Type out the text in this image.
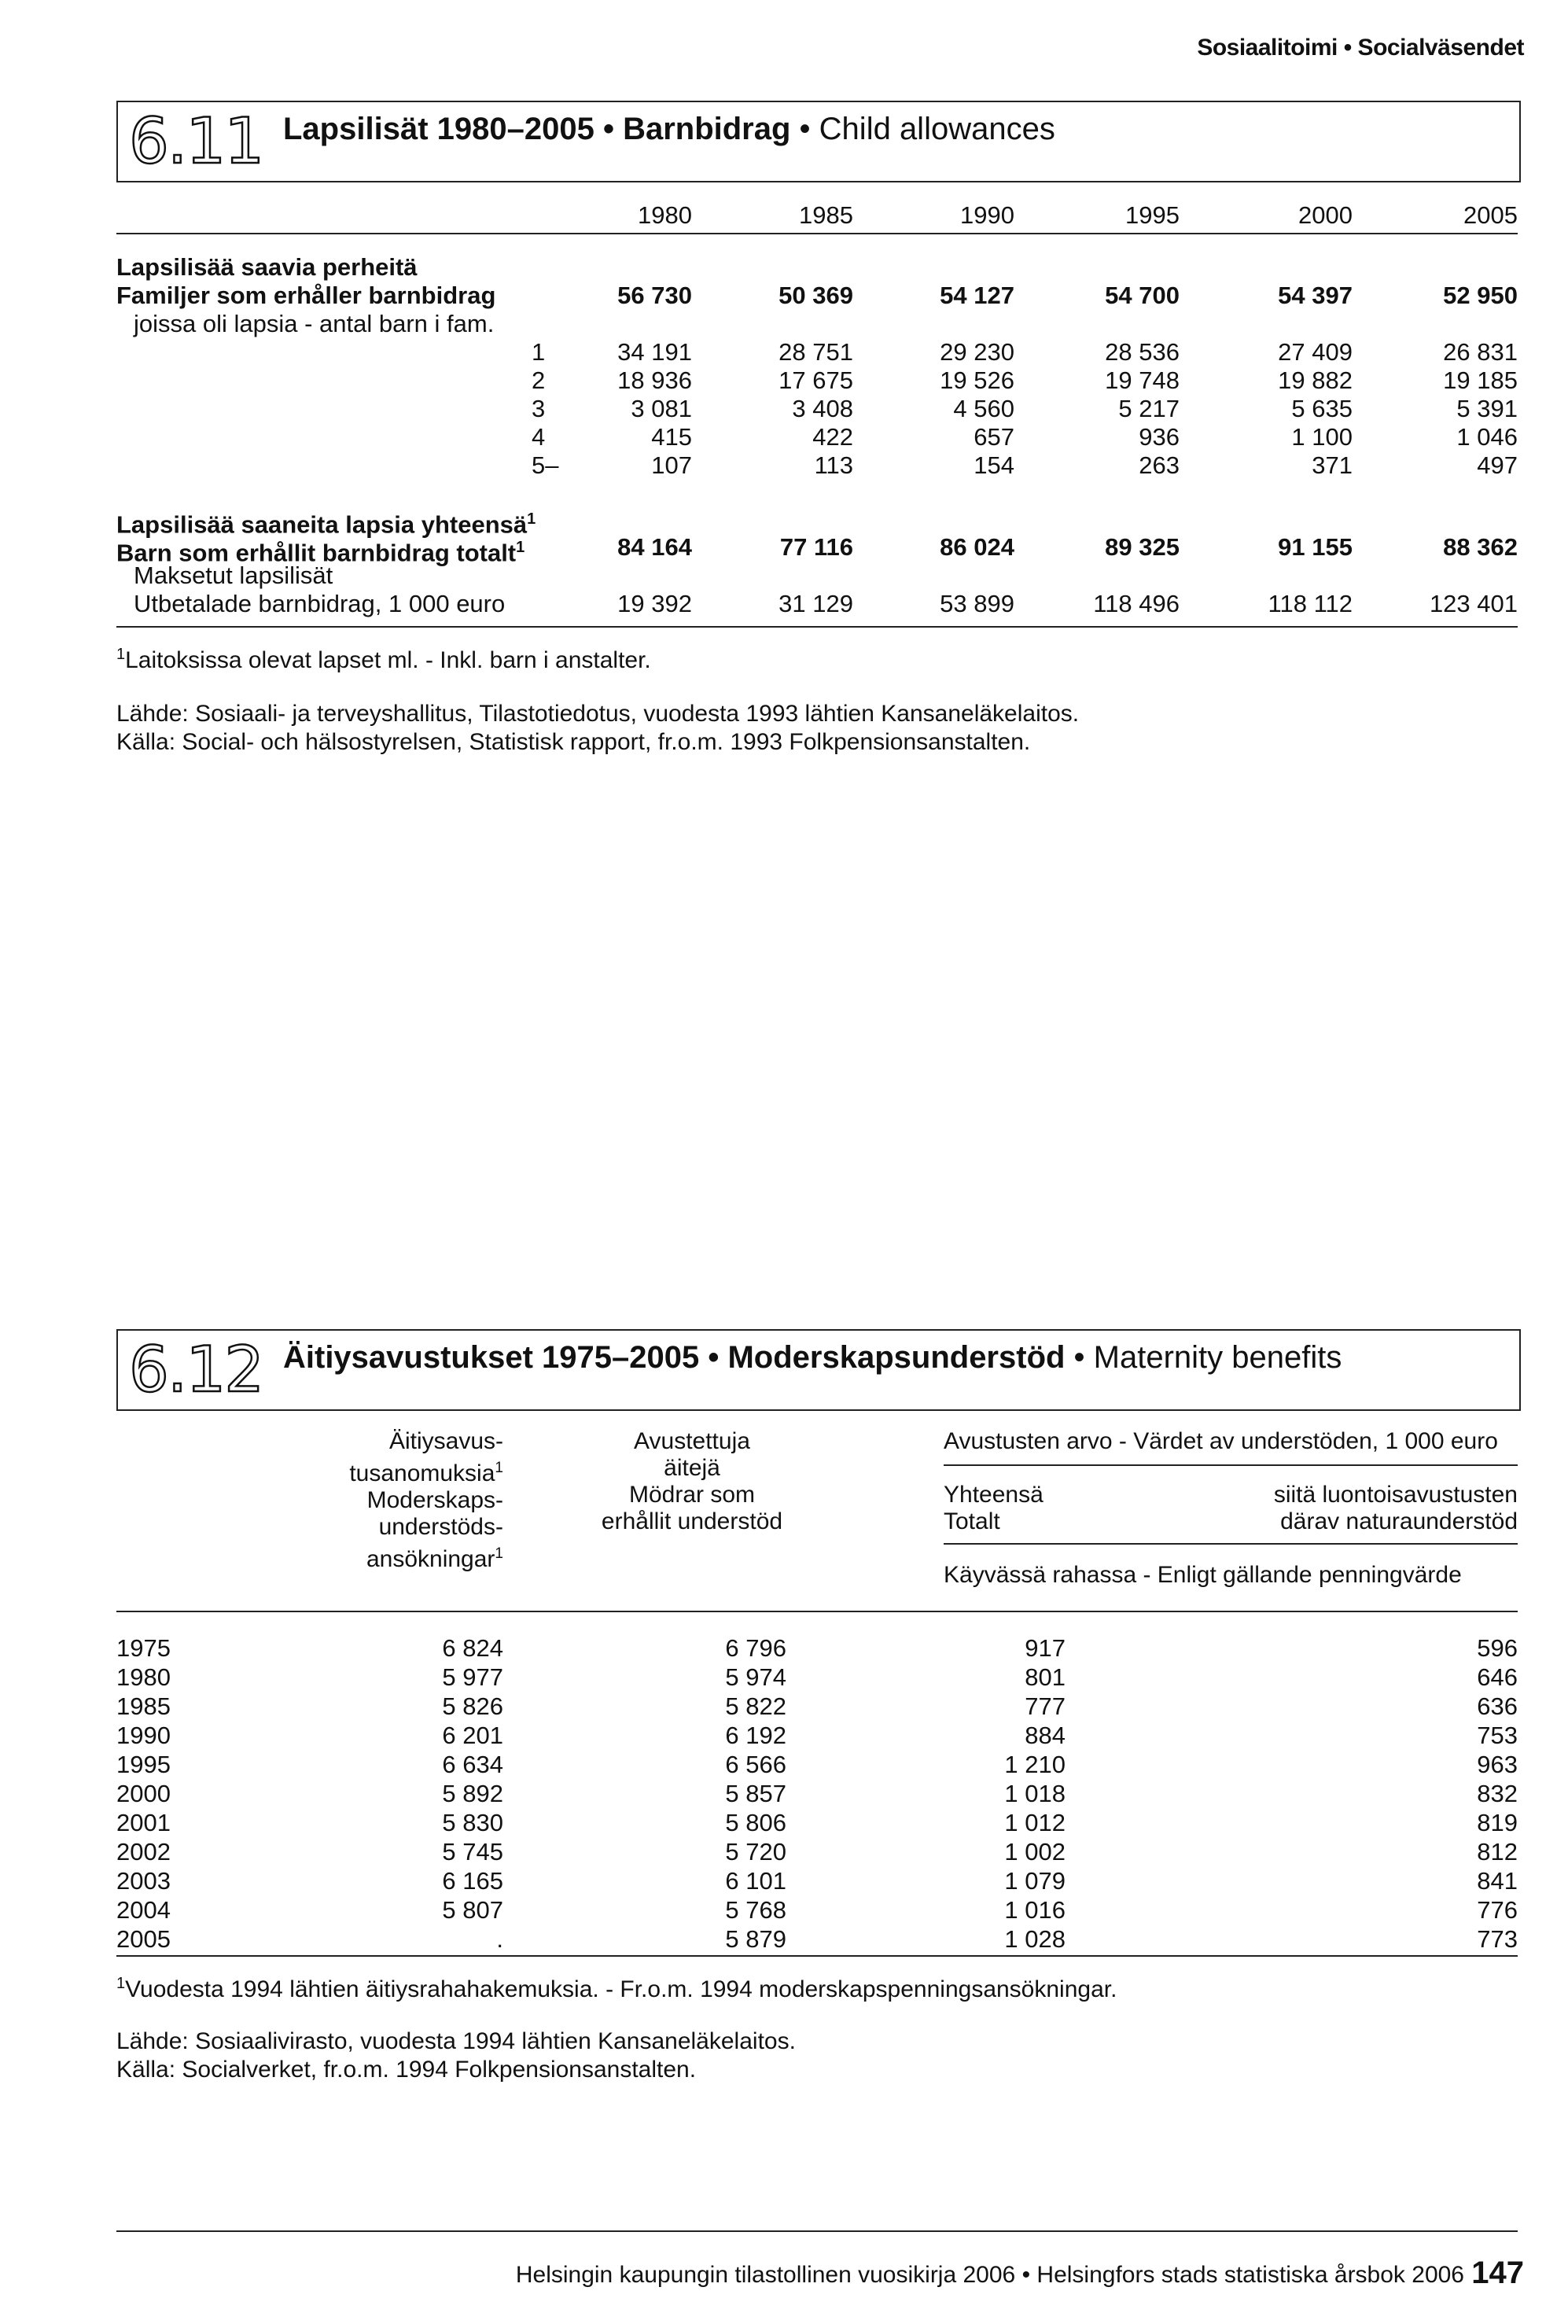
Sosiaalitoimi • Socialväsendet
6.11 Lapsilisät 1980–2005 • Barnbidrag • Child allowances
1980	1985	1990	1995	2000	2005
Lapsilisää saavia perheitä
Familjer som erhåller barnbidrag	56 730	50 369	54 127	54 700	54 397	52 950
joissa oli lapsia - antal barn i fam.
1	34 191	28 751	29 230	28 536	27 409	26 831
2	18 936	17 675	19 526	19 748	19 882	19 185
3	3 081	3 408	4 560	5 217	5 635	5 391
4	415	422	657	936	1 100	1 046
5–	107	113	154	263	371	497
Lapsilisää saaneita lapsia yhteensä$^1$
Barn som erhållit barnbidrag totalt$^1$	84 164	77 116	86 024	89 325	91 155	88 362
Maksetut lapsilisät
Utbetalade barnbidrag, 1 000 euro	19 392	31 129	53 899	118 496	118 112	123 401
$^1$Laitoksissa olevat lapset ml. - Inkl. barn i anstalter.
Lähde: Sosiaali- ja terveyshallitus, Tilastotiedotus, vuodesta 1993 lähtien Kansaneläkelaitos.
Källa: Social- och hälsostyrelsen, Statistisk rapport, fr.o.m. 1993 Folkpensionsanstalten.
6.12 Äitiysavustukset 1975–2005 • Moderskapsunderstöd • Maternity benefits
Äitiysavus-
tusanomuksia$^1$
Moderskaps-
understöds-
ansökningar$^1$
Avustettuja
äitejä
Mödrar som
erhållit understöd
Avustusten arvo - Värdet av understöden, 1 000 euro
Yhteensä
Totalt
siitä luontoisavustusten
därav naturaunderstöd
Käyvässä rahassa - Enligt gällande penningvärde
1975	6 824	6 796	917	596
1980	5 977	5 974	801	646
1985	5 826	5 822	777	636
1990	6 201	6 192	884	753
1995	6 634	6 566	1 210	963
2000	5 892	5 857	1 018	832
2001	5 830	5 806	1 012	819
2002	5 745	5 720	1 002	812
2003	6 165	6 101	1 079	841
2004	5 807	5 768	1 016	776
2005	.	5 879	1 028	773
$^1$Vuodesta 1994 lähtien äitiysrahahakemuksia. - Fr.o.m. 1994 moderskapspenningsansökningar.
Lähde: Sosiaalivirasto, vuodesta 1994 lähtien Kansaneläkelaitos.
Källa: Socialverket, fr.o.m. 1994 Folkpensionsanstalten.
Helsingin kaupungin tilastollinen vuosikirja 2006 • Helsingfors stads statistiska årsbok 2006 147
